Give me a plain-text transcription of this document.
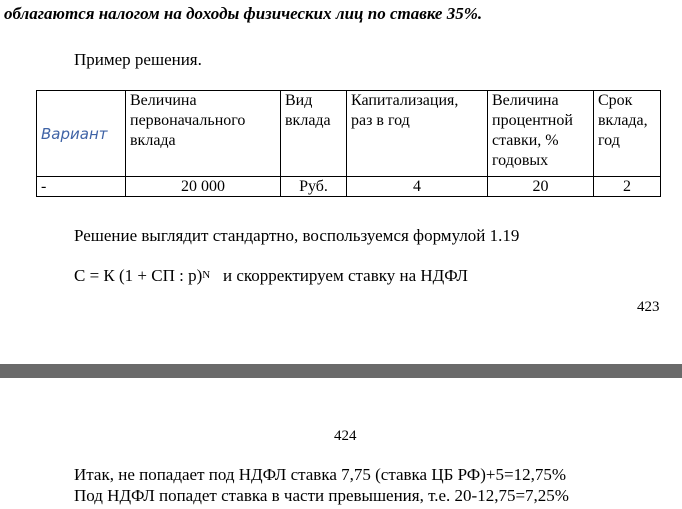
облагаются налогом на доходы физических лиц по ставке 35%.
Пример решения.
Вариант	Величина первоначального вклада	Вид вклада	Капитализация, раз в год	Величина процентной ставки, % годовых	Срок вклада, год
-	20 000	Руб.	4	20	2
Решение выглядит стандартно, воспользуемся формулой 1.19
С = К (1 + СП : р)$^N$ и скорректируем ставку на НДФЛ
423
424
Итак, не попадает под НДФЛ ставка 7,75 (ставка ЦБ РФ)+5=12,75%
Под НДФЛ попадет ставка в части превышения, т.е. 20-12,75=7,25%
